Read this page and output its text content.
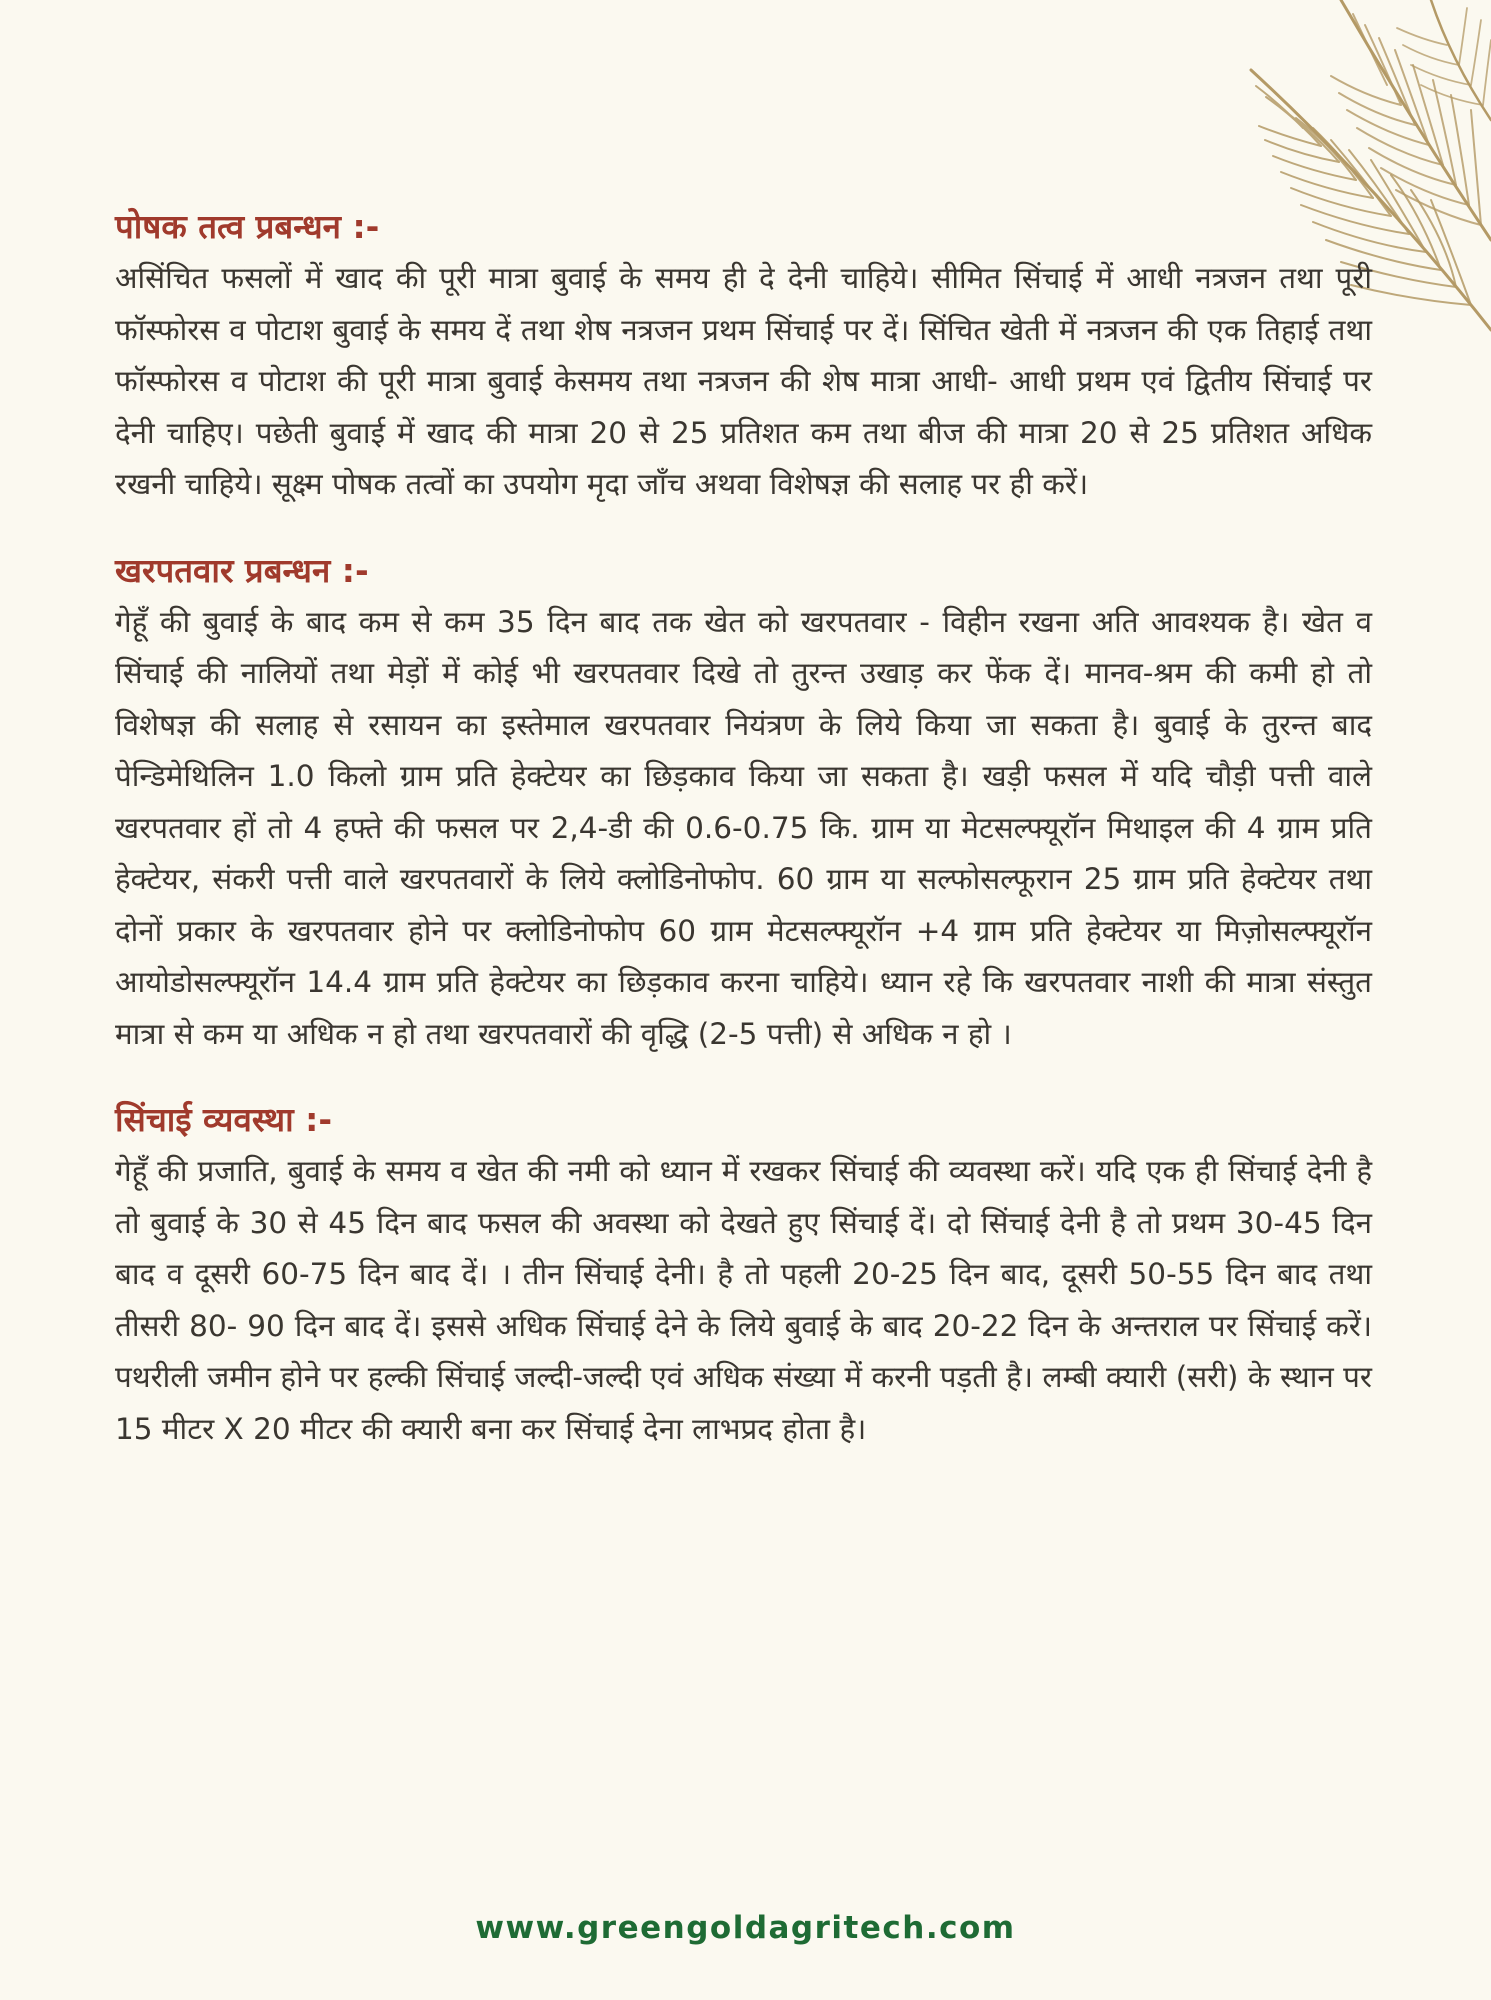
पोषक तत्व प्रबन्धन :-

असिंचित फसलों में खाद की पूरी मात्रा बुवाई के समय ही दे देनी चाहिये। सीमित सिंचाई में आधी नत्रजन तथा पूरी फॉस्फोरस व पोटाश बुवाई के समय दें तथा शेष नत्रजन प्रथम सिंचाई पर दें। सिंचित खेती में नत्रजन की एक तिहाई तथा फॉस्फोरस व पोटाश की पूरी मात्रा बुवाई केसमय तथा नत्रजन की शेष मात्रा आधी- आधी प्रथम एवं द्वितीय सिंचाई पर देनी चाहिए। पछेती बुवाई में खाद की मात्रा 20 से 25 प्रतिशत कम तथा बीज की मात्रा 20 से 25 प्रतिशत अधिक रखनी चाहिये। सूक्ष्म पोषक तत्वों का उपयोग मृदा जाँच अथवा विशेषज्ञ की सलाह पर ही करें।

खरपतवार प्रबन्धन :-

गेहूँ की बुवाई के बाद कम से कम 35 दिन बाद तक खेत को खरपतवार - विहीन रखना अति आवश्यक है। खेत व सिंचाई की नालियों तथा मेड़ों में कोई भी खरपतवार दिखे तो तुरन्त उखाड़ कर फेंक दें। मानव-श्रम की कमी हो तो विशेषज्ञ की सलाह से रसायन का इस्तेमाल खरपतवार नियंत्रण के लिये किया जा सकता है। बुवाई के तुरन्त बाद पेन्डिमेथिलिन 1.0 किलो ग्राम प्रति हेक्टेयर का छिड़काव किया जा सकता है। खड़ी फसल में यदि चौड़ी पत्ती वाले खरपतवार हों तो 4 हफ्ते की फसल पर 2,4-डी की 0.6-0.75 कि. ग्राम या मेटसल्फ्यूरॉन मिथाइल की 4 ग्राम प्रति हेक्टेयर, संकरी पत्ती वाले खरपतवारों के लिये क्लोडिनोफोप. 60 ग्राम या सल्फोसल्फूरान 25 ग्राम प्रति हेक्टेयर तथा दोनों प्रकार के खरपतवार होने पर क्लोडिनोफोप 60 ग्राम मेटसल्फ्यूरॉन +4 ग्राम प्रति हेक्टेयर या मिज़ोसल्फ्यूरॉन आयोडोसल्फ्यूरॉन 14.4 ग्राम प्रति हेक्टेयर का छिड़काव करना चाहिये। ध्यान रहे कि खरपतवार नाशी की मात्रा संस्तुत मात्रा से कम या अधिक न हो तथा खरपतवारों की वृद्धि (2-5 पत्ती) से अधिक न हो ।

सिंचाई व्यवस्था :-

गेहूँ की प्रजाति, बुवाई के समय व खेत की नमी को ध्यान में रखकर सिंचाई की व्यवस्था करें। यदि एक ही सिंचाई देनी है तो बुवाई के 30 से 45 दिन बाद फसल की अवस्था को देखते हुए सिंचाई दें। दो सिंचाई देनी है तो प्रथम 30-45 दिन बाद व दूसरी 60-75 दिन बाद दें। । तीन सिंचाई देनी। है तो पहली 20-25 दिन बाद, दूसरी 50-55 दिन बाद तथा तीसरी 80- 90 दिन बाद दें। इससे अधिक सिंचाई देने के लिये बुवाई के बाद 20-22 दिन के अन्तराल पर सिंचाई करें। पथरीली जमीन होने पर हल्की सिंचाई जल्दी-जल्दी एवं अधिक संख्या में करनी पड़ती है। लम्बी क्यारी (सरी) के स्थान पर 15 मीटर X 20 मीटर की क्यारी बना कर सिंचाई देना लाभप्रद होता है।

www.greengoldagritech.com
